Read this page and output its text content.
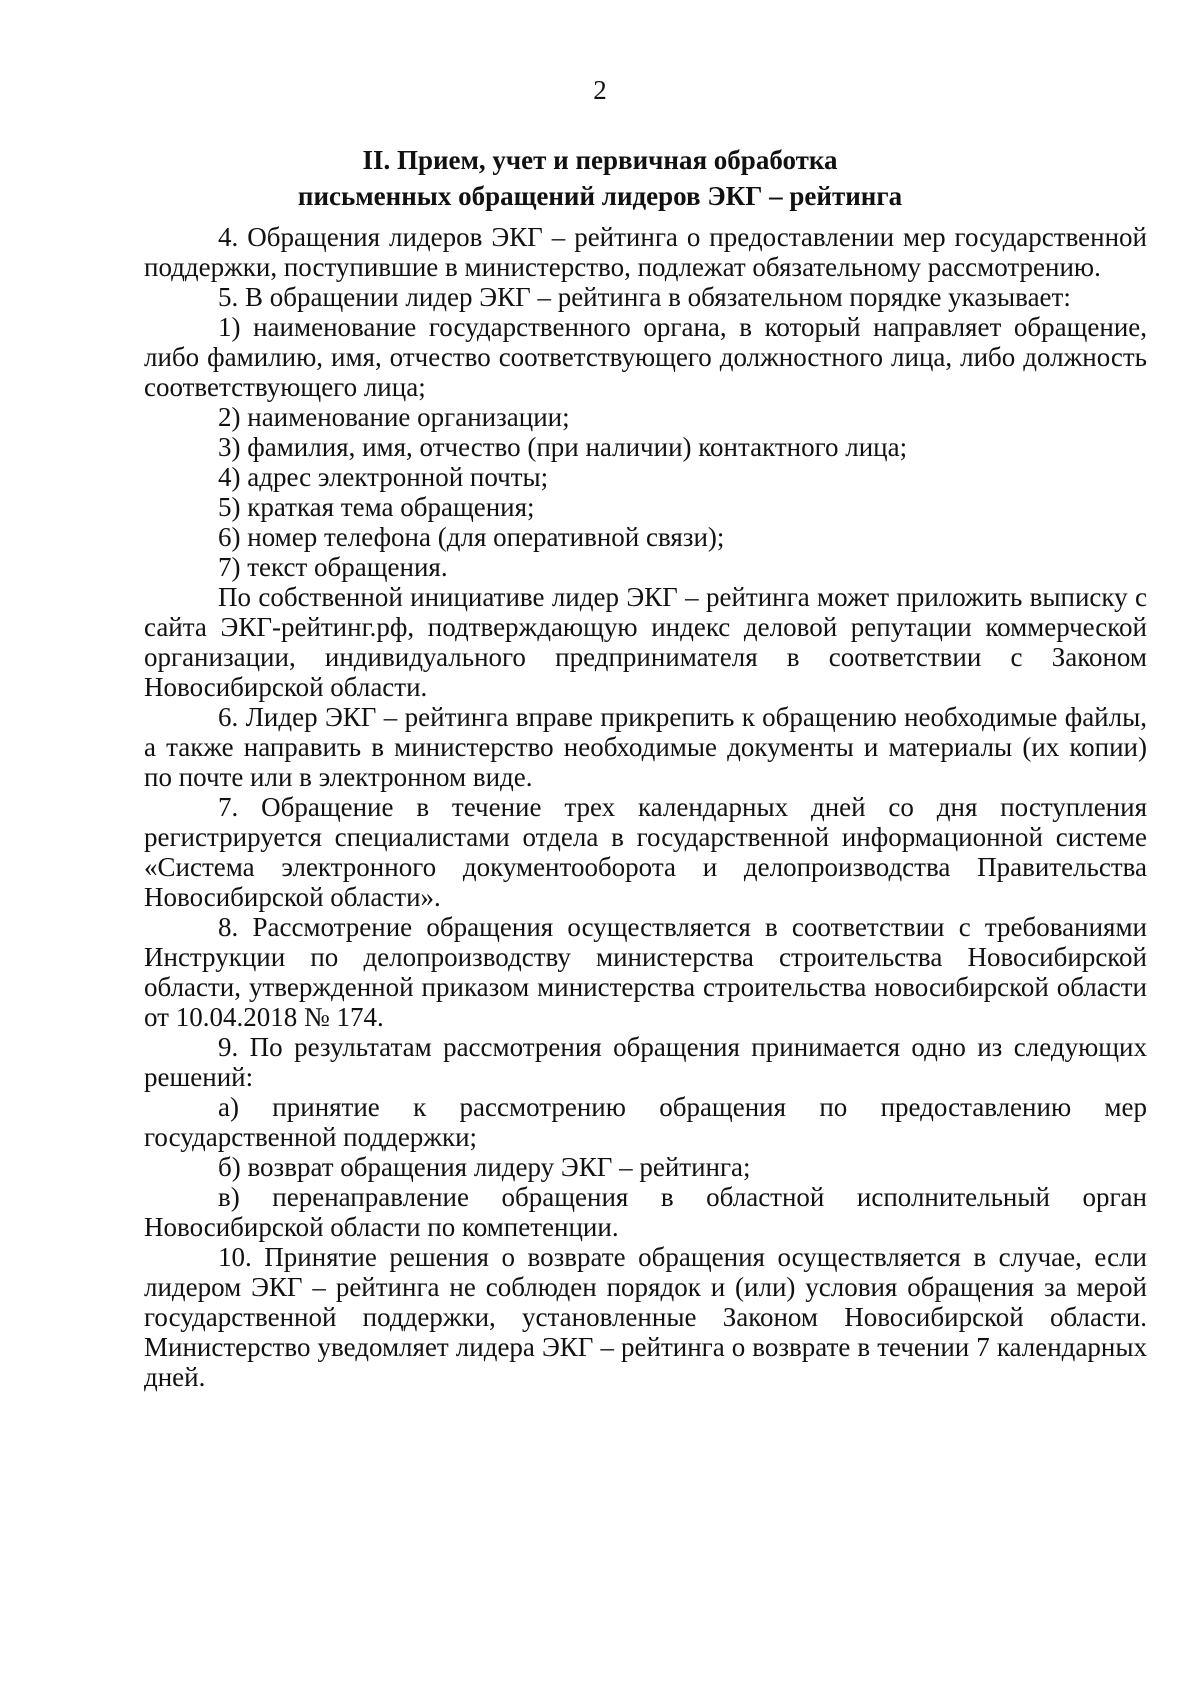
2
II. Прием, учет и первичная обработка
письменных обращений лидеров ЭКГ – рейтинга

4. Обращения лидеров ЭКГ – рейтинга о предоставлении мер государственной поддержки, поступившие в министерство, подлежат обязательному рассмотрению.

5. В обращении лидер ЭКГ – рейтинга в обязательном порядке указывает:

1) наименование государственного органа, в который направляет обращение, либо фамилию, имя, отчество соответствующего должностного лица, либо должность соответствующего лица;

2) наименование организации;

3) фамилия, имя, отчество (при наличии) контактного лица;

4) адрес электронной почты;

5) краткая тема обращения;

6) номер телефона (для оперативной связи);

7) текст обращения.

По собственной инициативе лидер ЭКГ – рейтинга может приложить выписку с сайта ЭКГ-рейтинг.рф, подтверждающую индекс деловой репутации коммерческой организации, индивидуального предпринимателя в соответствии с Законом Новосибирской области.

6. Лидер ЭКГ – рейтинга вправе прикрепить к обращению необходимые файлы, а также направить в министерство необходимые документы и материалы (их копии) по почте или в электронном виде.

7. Обращение в течение трех календарных дней со дня поступления регистрируется специалистами отдела в государственной информационной системе «Система электронного документооборота и делопроизводства Правительства Новосибирской области».

8. Рассмотрение обращения осуществляется в соответствии с требованиями Инструкции по делопроизводству министерства строительства Новосибирской области, утвержденной приказом министерства строительства новосибирской области от 10.04.2018 № 174.

9. По результатам рассмотрения обращения принимается одно из следующих решений:

а) принятие к рассмотрению обращения по предоставлению мер государственной поддержки;

б) возврат обращения лидеру ЭКГ – рейтинга;

в) перенаправление обращения в областной исполнительный орган Новосибирской области по компетенции.

10. Принятие решения о возврате обращения осуществляется в случае, если лидером ЭКГ – рейтинга не соблюден порядок и (или) условия обращения за мерой государственной поддержки, установленные Законом Новосибирской области. Министерство уведомляет лидера ЭКГ – рейтинга о возврате в течении 7 календарных дней.
